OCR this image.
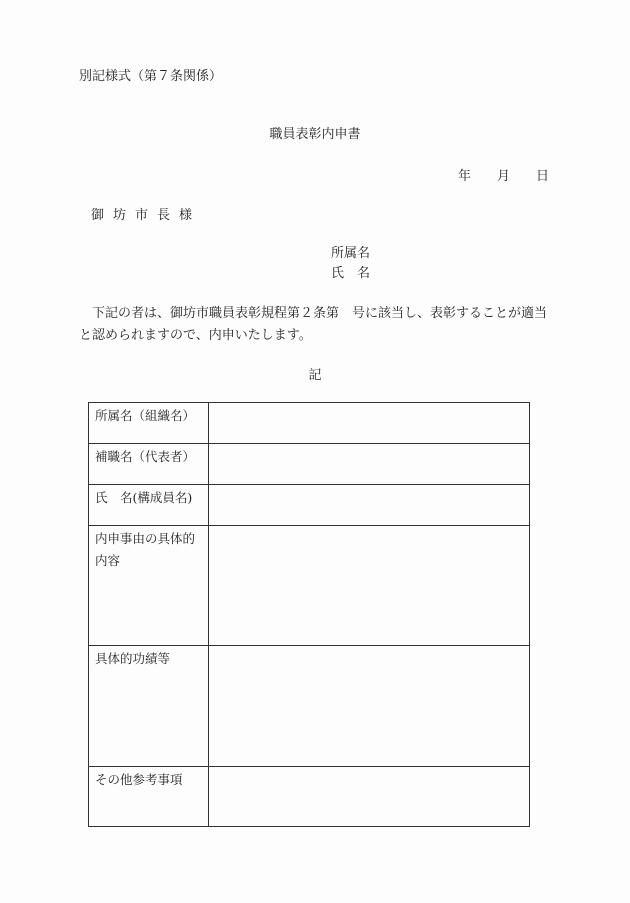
別記様式（第７条関係）
職員表彰内申書
年 月 日
御坊市長様
所属名
氏名
下記の者は、御坊市職員表彰規程第２条第　号に該当し、表彰することが適当と認められますので、内申いたします。
記
所属名（組織名）	
補職名（代表者）	
氏　名(構成員名)	
内申事由の具体的内容	
具体的功績等	
その他参考事項	
